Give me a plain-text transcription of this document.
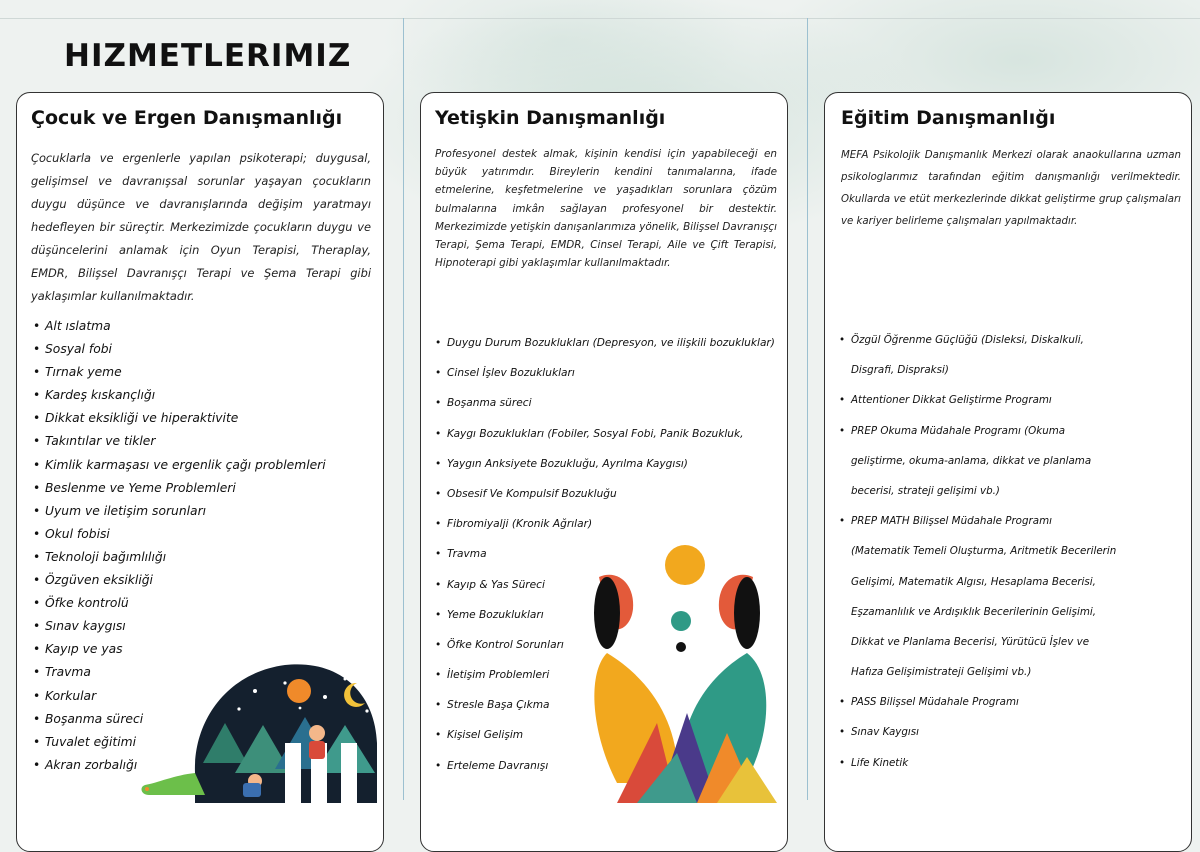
HIZMETLERIMIZ
Çocuk ve Ergen Danışmanlığı

Çocuklarla ve ergenlerle yapılan psikoterapi; duygusal, gelişimsel ve davranışsal sorunlar yaşayan çocukların duygu düşünce ve davranışlarında değişim yaratmayı hedefleyen bir süreçtir. Merkezimizde çocukların duygu ve düşüncelerini anlamak için Oyun Terapisi, Theraplay, EMDR, Bilişsel Davranışçı Terapi ve Şema Terapi gibi yaklaşımlar kullanılmaktadır.

• Alt ıslatma
• Sosyal fobi
• Tırnak yeme
• Kardeş kıskançlığı
• Dikkat eksikliği ve hiperaktivite
• Takıntılar ve tikler
• Kimlik karmaşası ve ergenlik çağı problemleri
• Beslenme ve Yeme Problemleri
• Uyum ve iletişim sorunları
• Okul fobisi
• Teknoloji bağımlılığı
• Özgüven eksikliği
• Öfke kontrolü
• Sınav kaygısı
• Kayıp ve yas
• Travma
• Korkular
• Boşanma süreci
• Tuvalet eğitimi
• Akran zorbalığı
Yetişkin Danışmanlığı

Profesyonel destek almak, kişinin kendisi için yapabileceği en büyük yatırımdır. Bireylerin kendini tanımalarına, ifade etmelerine, keşfetmelerine ve yaşadıkları sorunlara çözüm bulmalarına imkân sağlayan profesyonel bir destektir. Merkezimizde yetişkin danışanlarımıza yönelik, Bilişsel Davranışçı Terapi, Şema Terapi, EMDR, Cinsel Terapi, Aile ve Çift Terapisi, Hipnoterapi gibi yaklaşımlar kullanılmaktadır.

• Duygu Durum Bozuklukları (Depresyon, ve ilişkili bozukluklar)
• Cinsel İşlev Bozuklukları
• Boşanma süreci
• Kaygı Bozuklukları (Fobiler, Sosyal Fobi, Panik Bozukluk,
• Yaygın Anksiyete Bozukluğu, Ayrılma Kaygısı)
• Obsesif Ve Kompulsif Bozukluğu
• Fibromiyalji (Kronik Ağrılar)
• Travma
• Kayıp & Yas Süreci
• Yeme Bozuklukları
• Öfke Kontrol Sorunları
• İletişim Problemleri
• Stresle Başa Çıkma
• Kişisel Gelişim
• Erteleme Davranışı
Eğitim Danışmanlığı

MEFA Psikolojik Danışmanlık Merkezi olarak anaokullarına uzman psikologlarımız tarafından eğitim danışmanlığı verilmektedir. Okullarda ve etüt merkezlerinde dikkat geliştirme grup çalışmaları ve kariyer belirleme çalışmaları yapılmaktadır.

• Özgül Öğrenme Güçlüğü (Disleksi, Diskalkuli,
Disgrafi, Dispraksi)
• Attentioner Dikkat Geliştirme Programı
• PREP Okuma Müdahale Programı (Okuma
geliştirme, okuma-anlama, dikkat ve planlama
becerisi, strateji gelişimi vb.)
• PREP MATH Bilişsel Müdahale Programı
(Matematik Temeli Oluşturma, Aritmetik Becerilerin
Gelişimi, Matematik Algısı, Hesaplama Becerisi,
Eşzamanlılık ve Ardışıklık Becerilerinin Gelişimi,
Dikkat ve Planlama Becerisi, Yürütücü İşlev ve
Hafıza Gelişimistrateji Gelişimi vb.)
• PASS Bilişsel Müdahale Programı
• Sınav Kaygısı
• Life Kinetik
